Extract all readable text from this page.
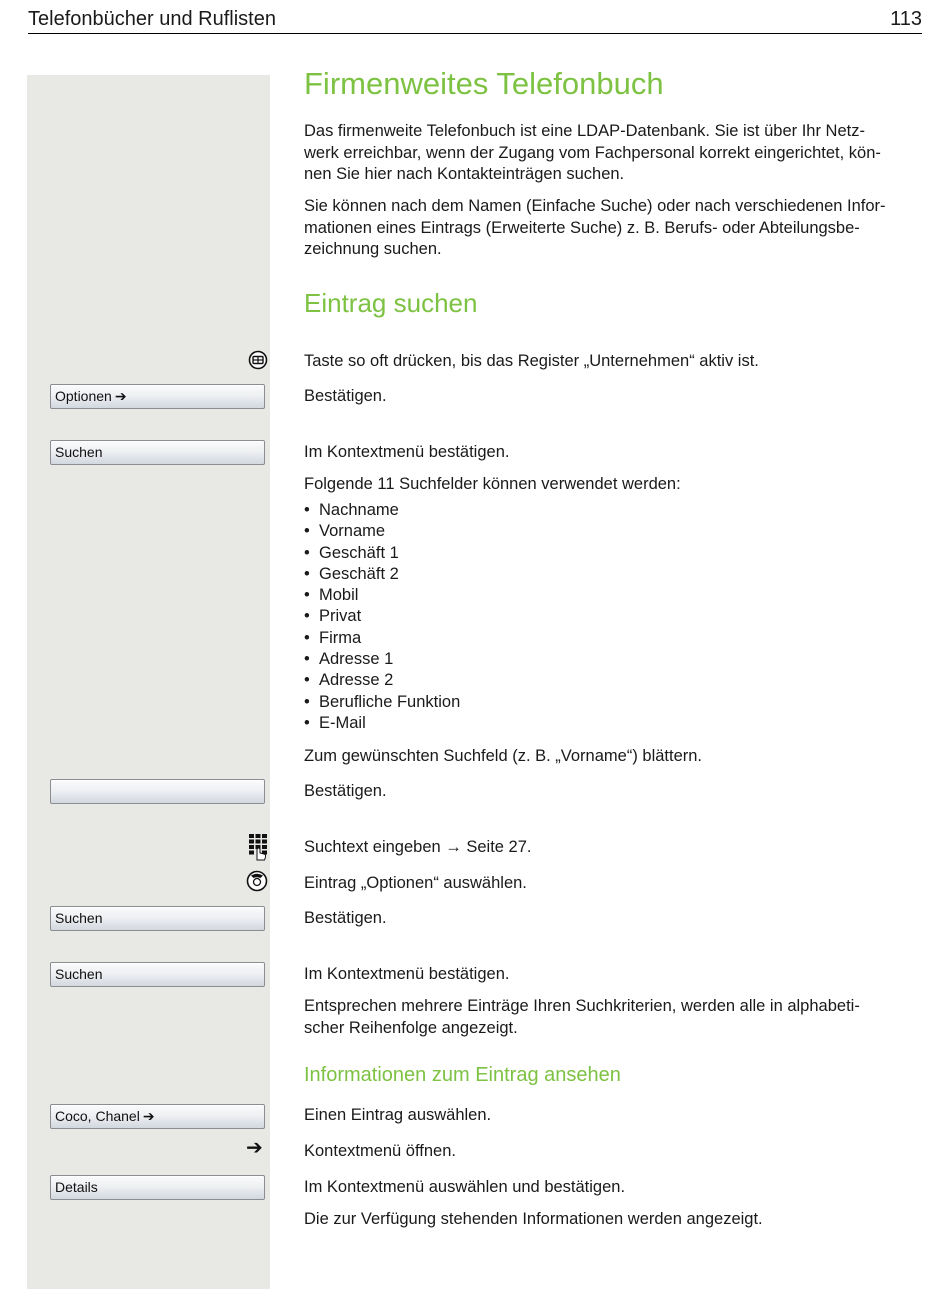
Telefonbücher und Ruflisten	113
Firmenweites Telefonbuch
Das firmenweite Telefonbuch ist eine LDAP-Datenbank. Sie ist über Ihr Netz-
werk erreichbar, wenn der Zugang vom Fachpersonal korrekt eingerichtet, kön-
nen Sie hier nach Kontakteinträgen suchen.
Sie können nach dem Namen (Einfache Suche) oder nach verschiedenen Infor-
mationen eines Eintrags (Erweiterte Suche) z. B. Berufs- oder Abteilungsbe-
zeichnung suchen.
Eintrag suchen
Taste so oft drücken, bis das Register „Unternehmen“ aktiv ist.
Optionen ➔	Bestätigen.
Suchen	Im Kontextmenü bestätigen.
Folgende 11 Suchfelder können verwendet werden:
• Nachname
• Vorname
• Geschäft 1
• Geschäft 2
• Mobil
• Privat
• Firma
• Adresse 1
• Adresse 2
• Berufliche Funktion
• E-Mail
Zum gewünschten Suchfeld (z. B. „Vorname“) blättern.
Bestätigen.
Suchtext eingeben → Seite 27.
Eintrag „Optionen“ auswählen.
Suchen	Bestätigen.
Suchen	Im Kontextmenü bestätigen.
Entsprechen mehrere Einträge Ihren Suchkriterien, werden alle in alphabeti-
scher Reihenfolge angezeigt.
Informationen zum Eintrag ansehen
Coco, Chanel ➔	Einen Eintrag auswählen.
➔ Kontextmenü öffnen.
Details	Im Kontextmenü auswählen und bestätigen.
Die zur Verfügung stehenden Informationen werden angezeigt.
